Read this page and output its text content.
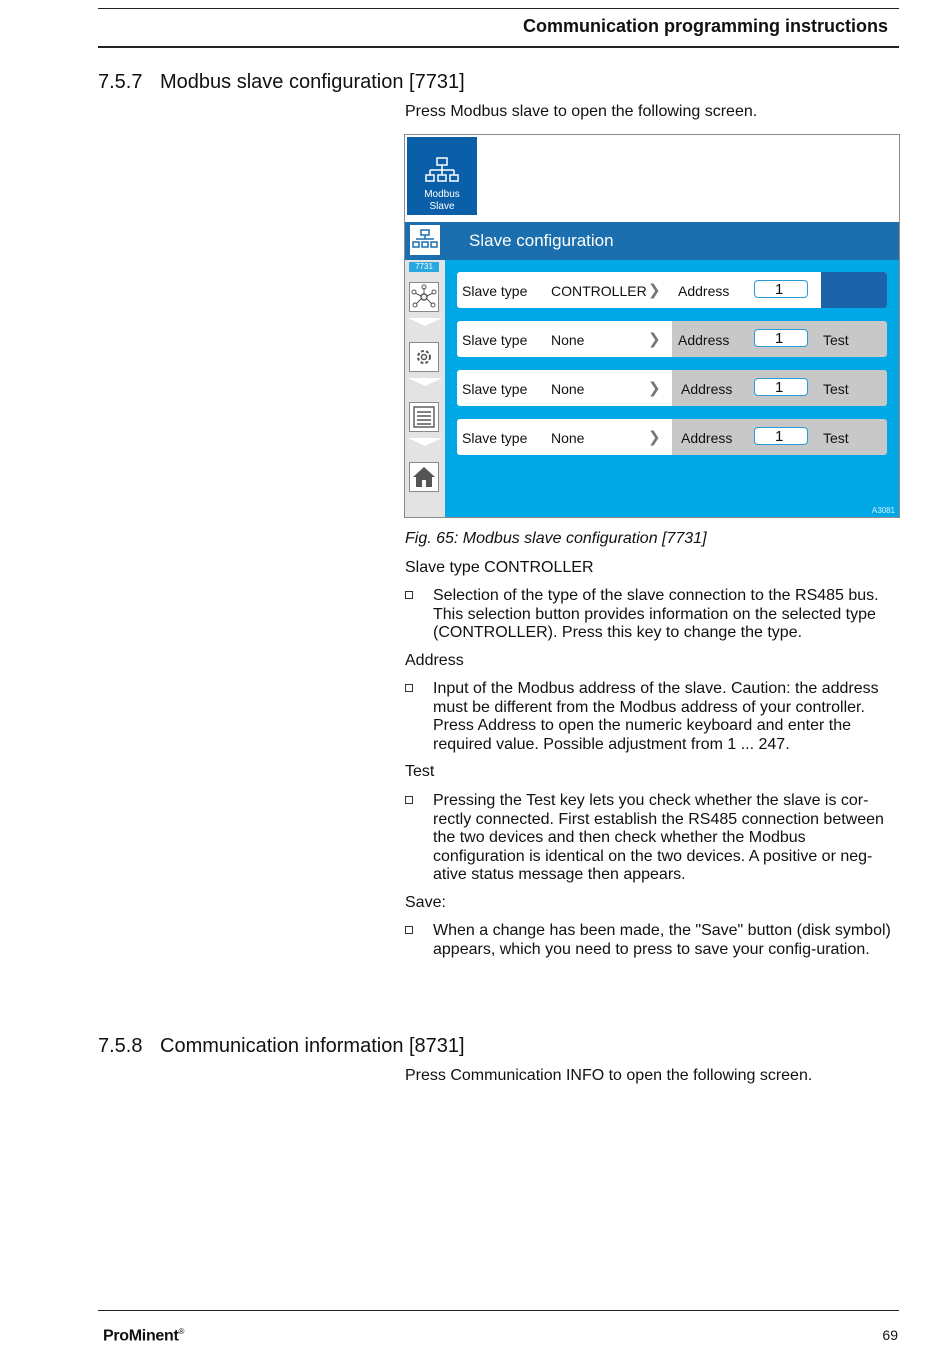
Communication programming instructions
7.5.7 Modbus slave configuration [7731]
Press Modbus slave to open the following screen.
Modbus
Slave
Slave configuration
7731
Slave type CONTROLLER ❯ Address	1
Slave type None	❯ Address	1	Test
Slave type None	❯ Address	1	Test
Slave type None	❯ Address	1	Test
A3081
Fig. 65: Modbus slave configuration [7731]
Slave type CONTROLLER
Selection of the type of the slave connection to the RS485 bus. This selection button provides information on the selected type (CONTROLLER). Press this key to change the type.
Address
Input of the Modbus address of the slave. Caution: the address must be different from the Modbus address of your controller. Press Address to open the numeric keyboard and enter the required value. Possible adjustment from 1 ... 247.
Test
Pressing the Test key lets you check whether the slave is cor-rectly connected. First establish the RS485 connection between the two devices and then check whether the Modbus configuration is identical on the two devices. A positive or neg-ative status message then appears.
Save:
When a change has been made, the "Save" button (disk symbol) appears, which you need to press to save your config-uration.
7.5.8 Communication information [8731]
Press Communication INFO to open the following screen.
ProMinent®	69
